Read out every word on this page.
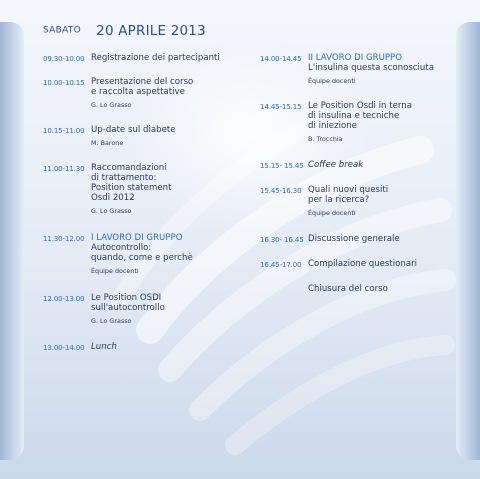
SABATO 20 APRILE 2013
09.30-10.00 Registrazione dei partecipanti
10.00-10.15 Presentazione del corso
e raccolta aspettative
G. Lo Grasso
10.15-11.00 Up-date sul diabete
M. Barone
11.00-11.30 Raccomandazioni
di trattamento:
Position statement
Osdi 2012
G. Lo Grasso
11.30-12.00 I LAVORO DI GRUPPO
Autocontrollo:
quando, come e perchè
Équipe docenti
12.00-13.00 Le Position OSDI
sull'autocontrollo
G. Lo Grasso
13.00-14.00 Lunch
14.00-14.45 II LAVORO DI GRUPPO
L'insulina questa sconosciuta
Équipe docenti
14.45-15.15 Le Position Osdi in terna
di insulina e tecniche
di iniezione
B. Trocchia
15.15- 15.45 Coffee break
15.45-16.30 Quali nuovi quesiti
per la ricerca?
Équipe docenti
16.30- 16.45 Discussione generale
16.45-17.00 Compilazione questionari
Chiusura del corso
